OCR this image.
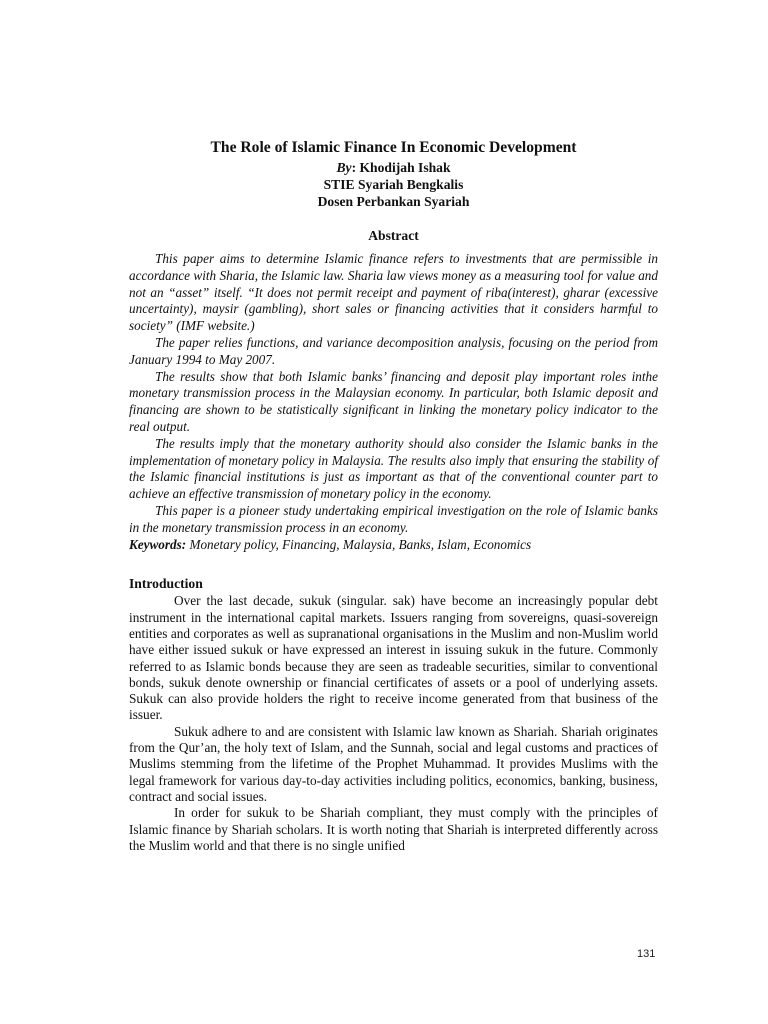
The Role of Islamic Finance In Economic Development
By: Khodijah Ishak
STIE Syariah Bengkalis
Dosen Perbankan Syariah
Abstract

This paper aims to determine Islamic finance refers to investments that are permissible in accordance with Sharia, the Islamic law. Sharia law views money as a measuring tool for value and not an “asset” itself. “It does not permit receipt and payment of riba(interest), gharar (excessive uncertainty), maysir (gambling), short sales or financing activities that it considers harmful to society” (IMF website.)

The paper relies functions, and variance decomposition analysis, focusing on the period from January 1994 to May 2007.

The results show that both Islamic banks’ financing and deposit play important roles inthe monetary transmission process in the Malaysian economy. In particular, both Islamic deposit and financing are shown to be statistically significant in linking the monetary policy indicator to the real output.

The results imply that the monetary authority should also consider the Islamic banks in the implementation of monetary policy in Malaysia. The results also imply that ensuring the stability of the Islamic financial institutions is just as important as that of the conventional counter part to achieve an effective transmission of monetary policy in the economy.

This paper is a pioneer study undertaking empirical investigation on the role of Islamic banks in the monetary transmission process in an economy.

Keywords: Monetary policy, Financing, Malaysia, Banks, Islam, Economics

Introduction

Over the last decade, sukuk (singular. sak) have become an increasingly popular debt instrument in the international capital markets. Issuers ranging from sovereigns, quasi-sovereign entities and corporates as well as supranational organisations in the Muslim and non-Muslim world have either issued sukuk or have expressed an interest in issuing sukuk in the future. Commonly referred to as Islamic bonds because they are seen as tradeable securities, similar to conventional bonds, sukuk denote ownership or financial certificates of assets or a pool of underlying assets. Sukuk can also provide holders the right to receive income generated from that business of the issuer.

Sukuk adhere to and are consistent with Islamic law known as Shariah. Shariah originates from the Qur’an, the holy text of Islam, and the Sunnah, social and legal customs and practices of Muslims stemming from the lifetime of the Prophet Muhammad. It provides Muslims with the legal framework for various day-to-day activities including politics, economics, banking, business, contract and social issues.

In order for sukuk to be Shariah compliant, they must comply with the principles of Islamic finance by Shariah scholars. It is worth noting that Shariah is interpreted differently across the Muslim world and that there is no single unified

131
